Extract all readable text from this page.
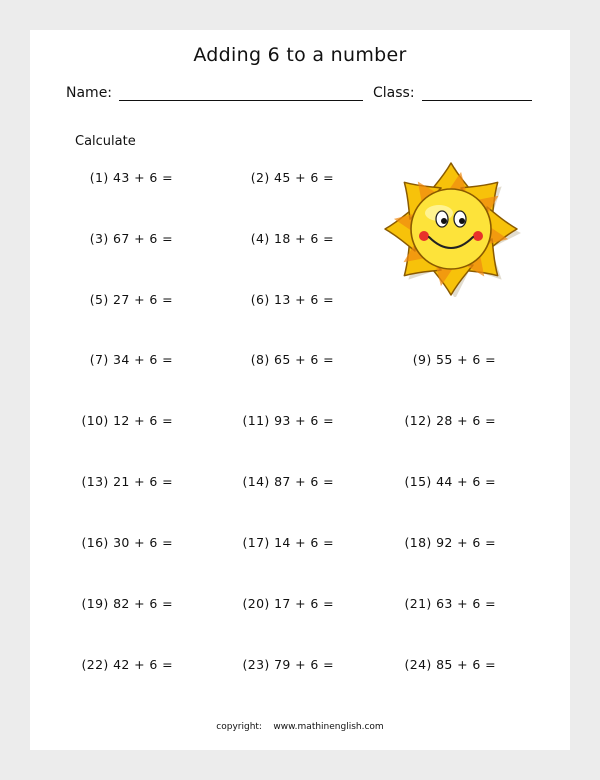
Adding 6 to a number
Name:	Class:
Calculate
(1) 43 + 6 =	(2) 45 + 6 =
(3) 67 + 6 =	(4) 18 + 6 =
(5) 27 + 6 =	(6) 13 + 6 =
(7) 34 + 6 =	(8) 65 + 6 =	(9) 55 + 6 =
(10) 12 + 6 =	(11) 93 + 6 =	(12) 28 + 6 =
(13) 21 + 6 =	(14) 87 + 6 =	(15) 44 + 6 =
(16) 30 + 6 =	(17) 14 + 6 =	(18) 92 + 6 =
(19) 82 + 6 =	(20) 17 + 6 =	(21) 63 + 6 =
(22) 42 + 6 =	(23) 79 + 6 =	(24) 85 + 6 =
copyright: www.mathinenglish.com
